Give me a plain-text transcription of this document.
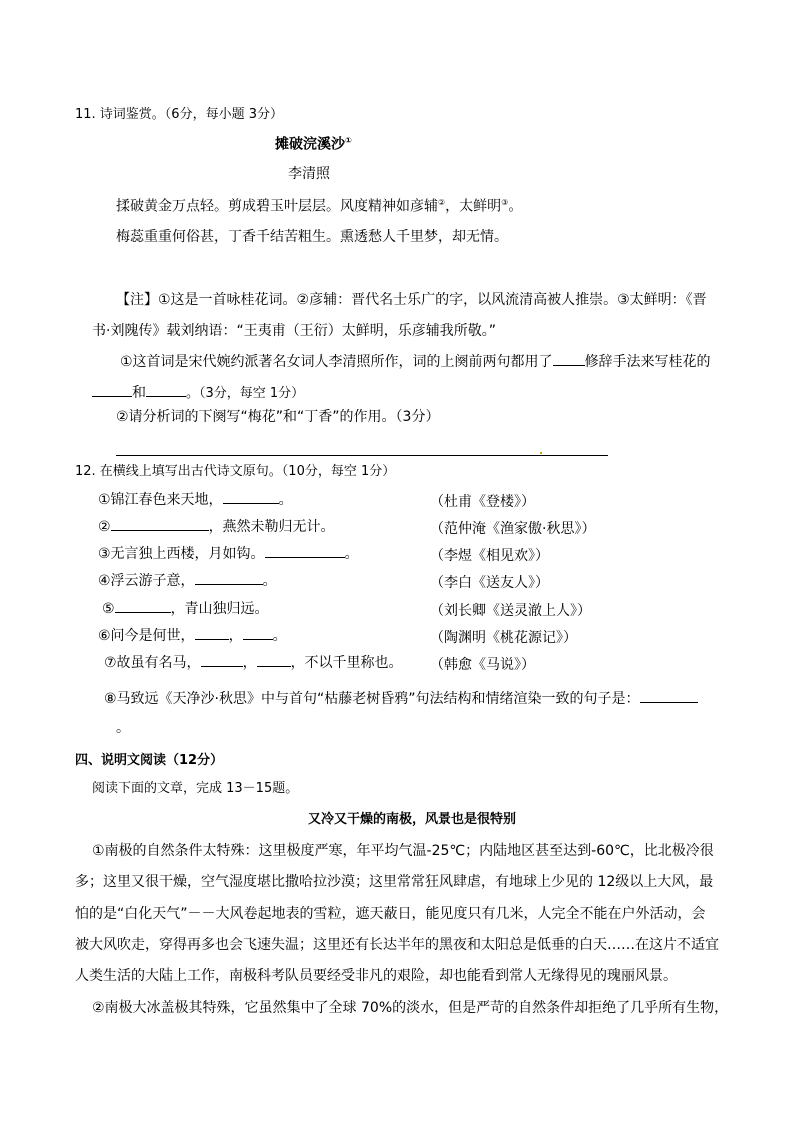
11. 诗词鉴赏。（6分，每小题 3分）
摊破浣溪沙①
李清照
揉破黄金万点轻。剪成碧玉叶层层。风度精神如彦辅②，太鲜明③。
梅蕊重重何俗甚，丁香千结苦粗生。熏透愁人千里梦，却无情。
【注】①这是一首咏桂花词。②彦辅：晋代名士乐广的字，以风流清高被人推崇。③太鲜明：《晋
书·刘隗传》载刘纳语：“王夷甫（王衍）太鲜明，乐彦辅我所敬。”
①这首词是宋代婉约派著名女词人李清照所作，词的上阕前两句都用了 修辞手法来写桂花的
和	。（3分，每空 1分）
②请分析词的下阕写“梅花”和“丁香”的作用。（3分）
12. 在横线上填写出古代诗文原句。（10分，每空 1分）
①锦江春色来天地，	。	（杜甫《登楼》）
②	，燕然未勒归无计。	（范仲淹《渔家傲·秋思》）
③无言独上西楼，月如钩。	。	（李煜《相见欢》）
④浮云游子意，	。	（李白《送友人》）
⑤	，青山独归远。	（刘长卿《送灵澈上人》）
⑥问今是何世， ， 。	（陶渊明《桃花源记》）
⑦故虽有名马，	， ，不以千里称也。 （韩愈《马说》）
⑧马致远《天净沙·秋思》中与首句“枯藤老树昏鸦”句法结构和情绪渲染一致的句子是：
。
四、说明文阅读（12分）
阅读下面的文章，完成 13－15题。
又冷又干燥的南极，风景也是很特别
①南极的自然条件太特殊：这里极度严寒，年平均气温-25℃；内陆地区甚至达到-60℃，比北极冷很
多；这里又很干燥，空气湿度堪比撒哈拉沙漠；这里常常狂风肆虐，有地球上少见的 12级以上大风，最
怕的是“白化天气”－－大风卷起地表的雪粒，遮天蔽日，能见度只有几米，人完全不能在户外活动，会
被大风吹走，穿得再多也会飞速失温；这里还有长达半年的黑夜和太阳总是低垂的白天……在这片不适宜
人类生活的大陆上工作，南极科考队员要经受非凡的艰险，却也能看到常人无缘得见的瑰丽风景。
②南极大冰盖极其特殊，它虽然集中了全球 70%的淡水，但是严苛的自然条件却拒绝了几乎所有生物，
